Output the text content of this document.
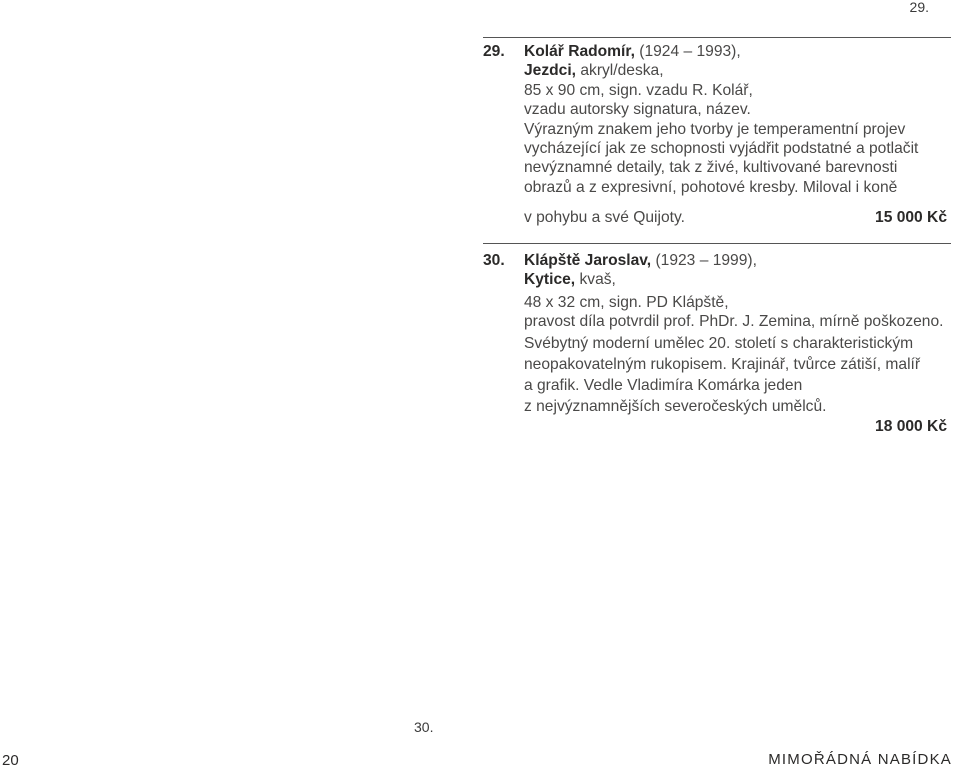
29.
29. Kolář Radomír, (1924 – 1993),
Jezdci, akryl/deska,
85 x 90 cm, sign. vzadu R. Kolář,
vzadu autorsky signatura, název.
Výrazným znakem jeho tvorby je temperamentní projev
vycházející jak ze schopnosti vyjádřit podstatné a potlačit
nevýznamné detaily, tak z živé, kultivované barevnosti
obrazů a z expresivní, pohotové kresby. Miloval i koně
v pohybu a své Quijoty.	15 000 Kč
30. Klápště Jaroslav, (1923 – 1999),
Kytice, kvaš,
48 x 32 cm, sign. PD Klápště,
pravost díla potvrdil prof. PhDr. J. Zemina, mírně poškozeno.
Svébytný moderní umělec 20. století s charakteristickým
neopakovatelným rukopisem. Krajinář, tvůrce zátiší, malíř
a grafik. Vedle Vladimíra Komárka jeden
z nejvýznamnějších severočeských umělců.
18 000 Kč
30.
20	MIMOŘÁDNÁ NABÍDKA
